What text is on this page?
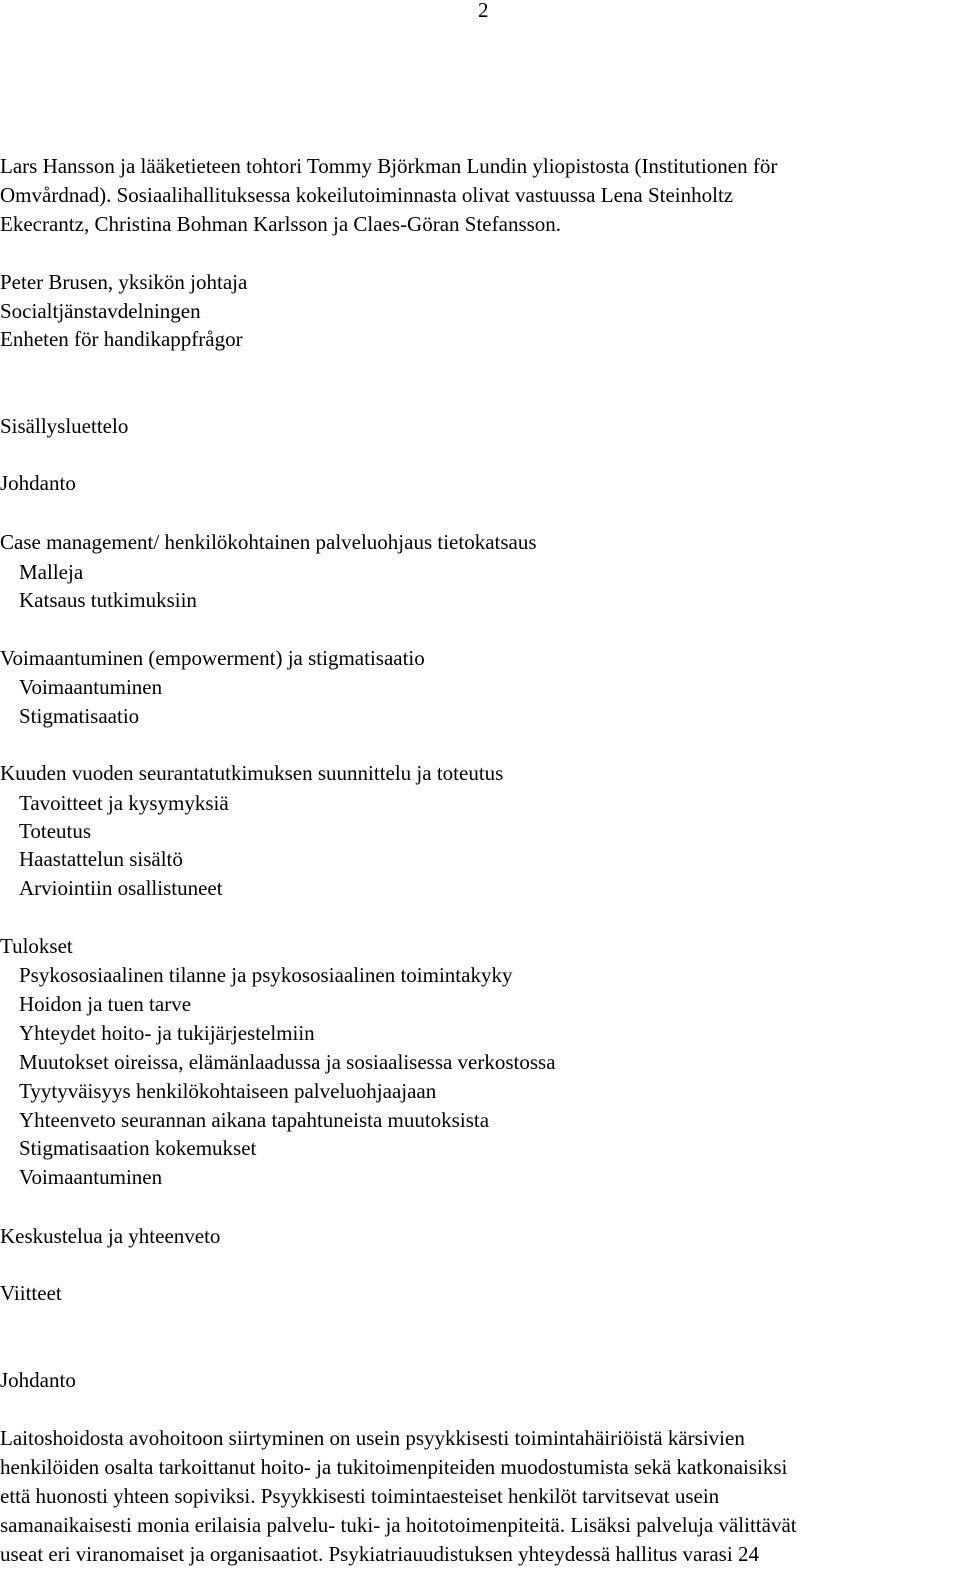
2
Lars Hansson ja lääketieteen tohtori Tommy Björkman Lundin yliopistosta (Institutionen för
Omvårdnad). Sosiaalihallituksessa kokeilutoiminnasta olivat vastuussa Lena Steinholtz
Ekecrantz, Christina Bohman Karlsson ja Claes-Göran Stefansson.
Peter Brusen, yksikön johtaja
Socialtjänstavdelningen
Enheten för handikappfrågor
Sisällysluettelo
Johdanto
Case management/ henkilökohtainen palveluohjaus tietokatsaus
Malleja
Katsaus tutkimuksiin
Voimaantuminen (empowerment) ja stigmatisaatio
Voimaantuminen
Stigmatisaatio
Kuuden vuoden seurantatutkimuksen suunnittelu ja toteutus
Tavoitteet ja kysymyksiä
Toteutus
Haastattelun sisältö
Arviointiin osallistuneet
Tulokset
Psykososiaalinen tilanne ja psykososiaalinen toimintakyky
Hoidon ja tuen tarve
Yhteydet hoito- ja tukijärjestelmiin
Muutokset oireissa, elämänlaadussa ja sosiaalisessa verkostossa
Tyytyväisyys henkilökohtaiseen palveluohjaajaan
Yhteenveto seurannan aikana tapahtuneista muutoksista
Stigmatisaation kokemukset
Voimaantuminen
Keskustelua ja yhteenveto
Viitteet
Johdanto
Laitoshoidosta avohoitoon siirtyminen on usein psyykkisesti toimintahäiriöistä kärsivien
henkilöiden osalta tarkoittanut hoito- ja tukitoimenpiteiden muodostumista sekä katkonaisiksi
että huonosti yhteen sopiviksi. Psyykkisesti toimintaesteiset henkilöt tarvitsevat usein
samanaikaisesti monia erilaisia palvelu- tuki- ja hoitotoimenpiteitä. Lisäksi palveluja välittävät
useat eri viranomaiset ja organisaatiot. Psykiatriauudistuksen yhteydessä hallitus varasi 24
